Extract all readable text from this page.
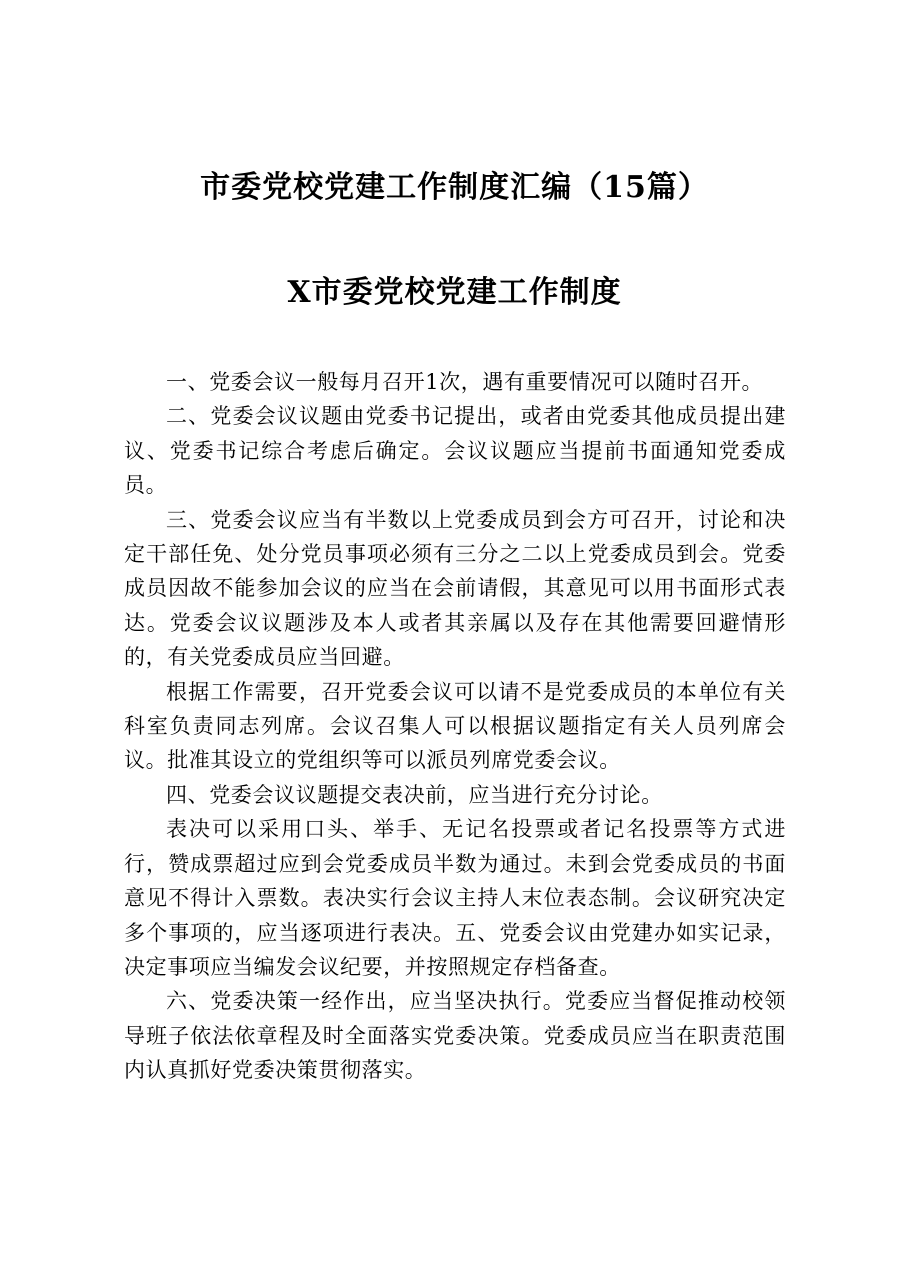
市委党校党建工作制度汇编（15篇）
X市委党校党建工作制度

一、党委会议一般每月召开1次，遇有重要情况可以随时召开。

二、党委会议议题由党委书记提出，或者由党委其他成员提出建议、党委书记综合考虑后确定。会议议题应当提前书面通知党委成员。

三、党委会议应当有半数以上党委成员到会方可召开，讨论和决定干部任免、处分党员事项必须有三分之二以上党委成员到会。党委成员因故不能参加会议的应当在会前请假，其意见可以用书面形式表达。党委会议议题涉及本人或者其亲属以及存在其他需要回避情形的，有关党委成员应当回避。

根据工作需要，召开党委会议可以请不是党委成员的本单位有关科室负责同志列席。会议召集人可以根据议题指定有关人员列席会议。批准其设立的党组织等可以派员列席党委会议。

四、党委会议议题提交表决前，应当进行充分讨论。

表决可以采用口头、举手、无记名投票或者记名投票等方式进行，赞成票超过应到会党委成员半数为通过。未到会党委成员的书面意见不得计入票数。表决实行会议主持人末位表态制。会议研究决定多个事项的，应当逐项进行表决。五、党委会议由党建办如实记录，决定事项应当编发会议纪要，并按照规定存档备查。

六、党委决策一经作出，应当坚决执行。党委应当督促推动校领导班子依法依章程及时全面落实党委决策。党委成员应当在职责范围内认真抓好党委决策贯彻落实。
